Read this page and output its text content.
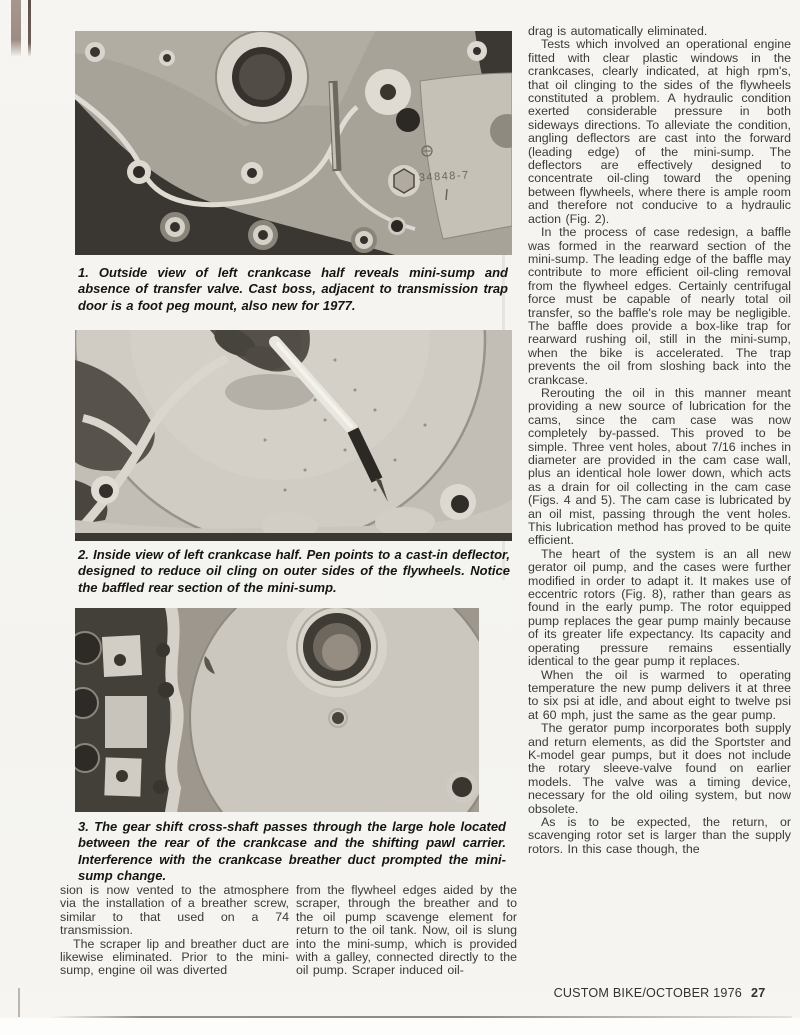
34848-7

1. Outside view of left crankcase half reveals mini-sump and absence of transfer valve. Cast boss, adjacent to transmission trap door is a foot peg mount, also new for 1977.

2. Inside view of left crankcase half. Pen points to a cast-in deflector, designed to reduce oil cling on outer sides of the flywheels. Notice the baffled rear section of the mini-sump.

3. The gear shift cross-shaft passes through the large hole located between the rear of the crankcase and the shifting pawl carrier. Interference with the crankcase breather duct prompted the mini-sump change.

sion is now vented to the atmosphere via the installation of a breather screw, similar to that used on a 74 transmission.

The scraper lip and breather duct are likewise eliminated. Prior to the mini-sump, engine oil was diverted

from the flywheel edges aided by the scraper, through the breather and to the oil pump scavenge element for return to the oil tank. Now, oil is slung into the mini-sump, which is provided with a galley, connected directly to the oil pump. Scraper induced oil-

drag is automatically eliminated.

Tests which involved an operational engine fitted with clear plastic windows in the crankcases, clearly indicated, at high rpm's, that oil clinging to the sides of the flywheels constituted a problem. A hydraulic condition exerted considerable pressure in both sideways directions. To alleviate the condition, angling deflectors are cast into the forward (leading edge) of the mini-sump. The deflectors are effectively designed to concentrate oil-cling toward the opening between flywheels, where there is ample room and therefore not conducive to a hydraulic action (Fig. 2).

In the process of case redesign, a baffle was formed in the rearward section of the mini-sump. The leading edge of the baffle may contribute to more efficient oil-cling removal from the flywheel edges. Certainly centrifugal force must be capable of nearly total oil transfer, so the baffle's role may be negligible. The baffle does provide a box-like trap for rearward rushing oil, still in the mini-sump, when the bike is accelerated. The trap prevents the oil from sloshing back into the crankcase.

Rerouting the oil in this manner meant providing a new source of lubrication for the cams, since the cam case was now completely by-passed. This proved to be simple. Three vent holes, about 7/16 inches in diameter are provided in the cam case wall, plus an identical hole lower down, which acts as a drain for oil collecting in the cam case (Figs. 4 and 5). The cam case is lubricated by an oil mist, passing through the vent holes. This lubrication method has proved to be quite efficient.

The heart of the system is an all new gerator oil pump, and the cases were further modified in order to adapt it. It makes use of eccentric rotors (Fig. 8), rather than gears as found in the early pump. The rotor equipped pump replaces the gear pump mainly because of its greater life expectancy. Its capacity and operating pressure remains essentially identical to the gear pump it replaces.

When the oil is warmed to operating temperature the new pump delivers it at three to six psi at idle, and about eight to twelve psi at 60 mph, just the same as the gear pump.

The gerator pump incorporates both supply and return elements, as did the Sportster and K-model gear pumps, but it does not include the rotary sleeve-valve found on earlier models. The valve was a timing device, necessary for the old oiling system, but now obsolete.

As is to be expected, the return, or scavenging rotor set is larger than the supply rotors. In this case though, the

CUSTOM BIKE/OCTOBER 1976 27
